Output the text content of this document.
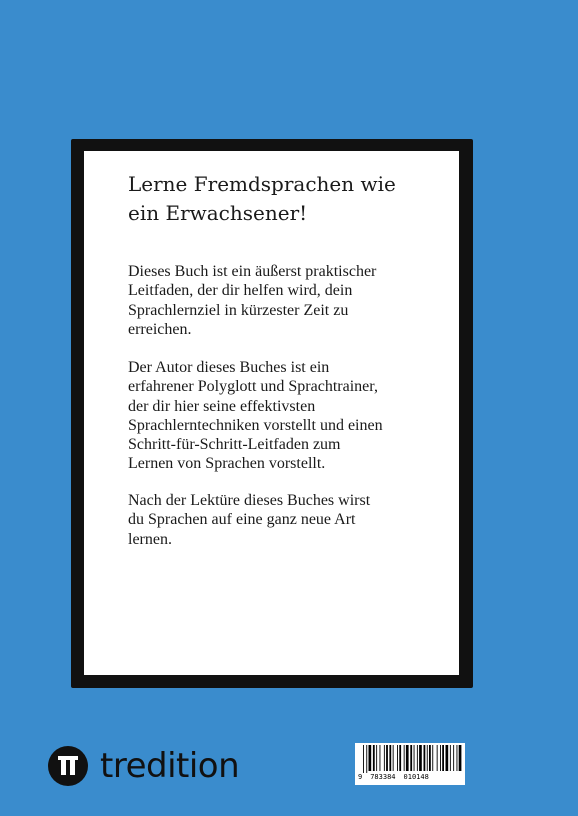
Lerne Fremdsprachen wie ein Erwachsener!

Dieses Buch ist ein äußerst praktischer
Leitfaden, der dir helfen wird, dein
Sprachlernziel in kürzester Zeit zu
erreichen.

Der Autor dieses Buches ist ein
erfahrener Polyglott und Sprachtrainer,
der dir hier seine effektivsten
Sprachlerntechniken vorstellt und einen
Schritt-für-Schritt-Leitfaden zum
Lernen von Sprachen vorstellt.

Nach der Lektüre dieses Buches wirst
du Sprachen auf eine ganz neue Art
lernen.

tredition	9 783384 010148
